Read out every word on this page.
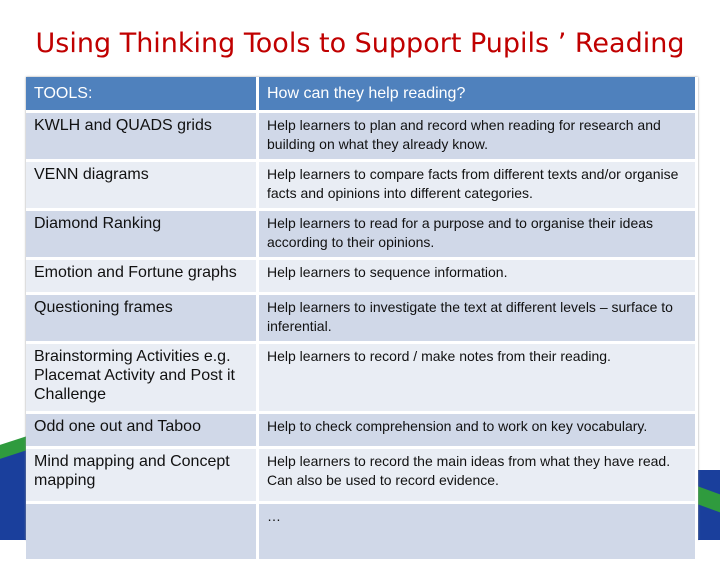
Using Thinking Tools to Support Pupils ’ Reading
TOOLS:	How can they help reading?
KWLH and QUADS grids	Help learners to plan and record when reading for research and building on what they already know.
VENN diagrams	Help learners to compare facts from different texts and/or organise facts and opinions into different categories.
Diamond Ranking	Help learners to read for a purpose and to organise their ideas according to their opinions.
Emotion and Fortune graphs	Help learners to sequence information.
Questioning frames	Help learners to investigate the text at different levels – surface to inferential.
Brainstorming Activities e.g. Placemat Activity and Post it Challenge	Help learners to record / make notes from their reading.
Odd one out and Taboo	Help to check comprehension and to work on key vocabulary.
Mind mapping and Concept mapping	Help learners to record the main ideas from what they have read. Can also be used to record evidence.
	…
